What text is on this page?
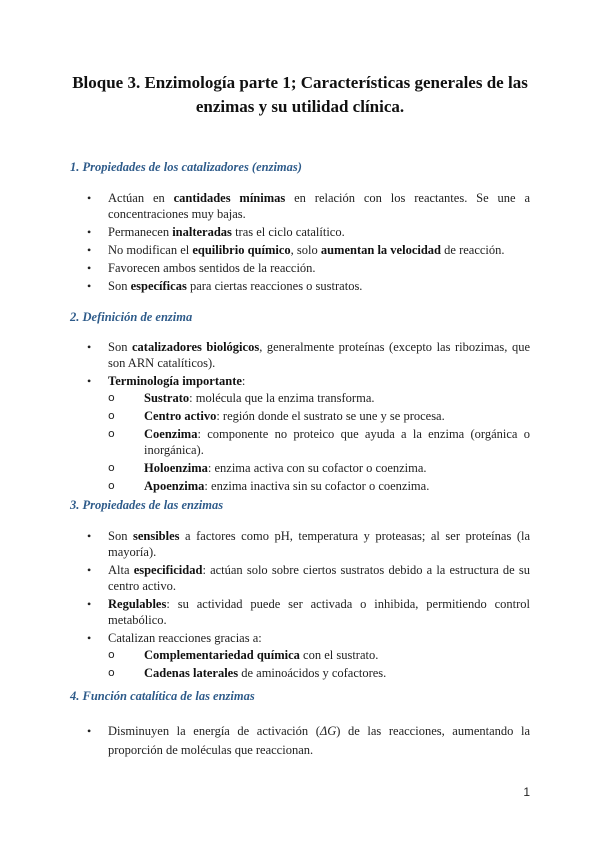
Bloque 3. Enzimología parte 1; Características generales de las enzimas y su utilidad clínica.
1. Propiedades de los catalizadores (enzimas)
• Actúan en cantidades mínimas en relación con los reactantes. Se une a concentraciones muy bajas.
• Permanecen inalteradas tras el ciclo catalítico.
• No modifican el equilibrio químico, solo aumentan la velocidad de reacción.
• Favorecen ambos sentidos de la reacción.
• Son específicas para ciertas reacciones o sustratos.
2. Definición de enzima
• Son catalizadores biológicos, generalmente proteínas (excepto las ribozimas, que son ARN catalíticos).
• Terminología importante:
o Sustrato: molécula que la enzima transforma.
o Centro activo: región donde el sustrato se une y se procesa.
o Coenzima: componente no proteico que ayuda a la enzima (orgánica o inorgánica).
o Holoenzima: enzima activa con su cofactor o coenzima.
o Apoenzima: enzima inactiva sin su cofactor o coenzima.
3. Propiedades de las enzimas
• Son sensibles a factores como pH, temperatura y proteasas; al ser proteínas (la mayoría).
• Alta especificidad: actúan solo sobre ciertos sustratos debido a la estructura de su centro activo.
• Regulables: su actividad puede ser activada o inhibida, permitiendo control metabólico.
• Catalizan reacciones gracias a:
o Complementariedad química con el sustrato.
o Cadenas laterales de aminoácidos y cofactores.
4. Función catalítica de las enzimas
• Disminuyen la energía de activación (ΔG) de las reacciones, aumentando la proporción de moléculas que reaccionan.
1
